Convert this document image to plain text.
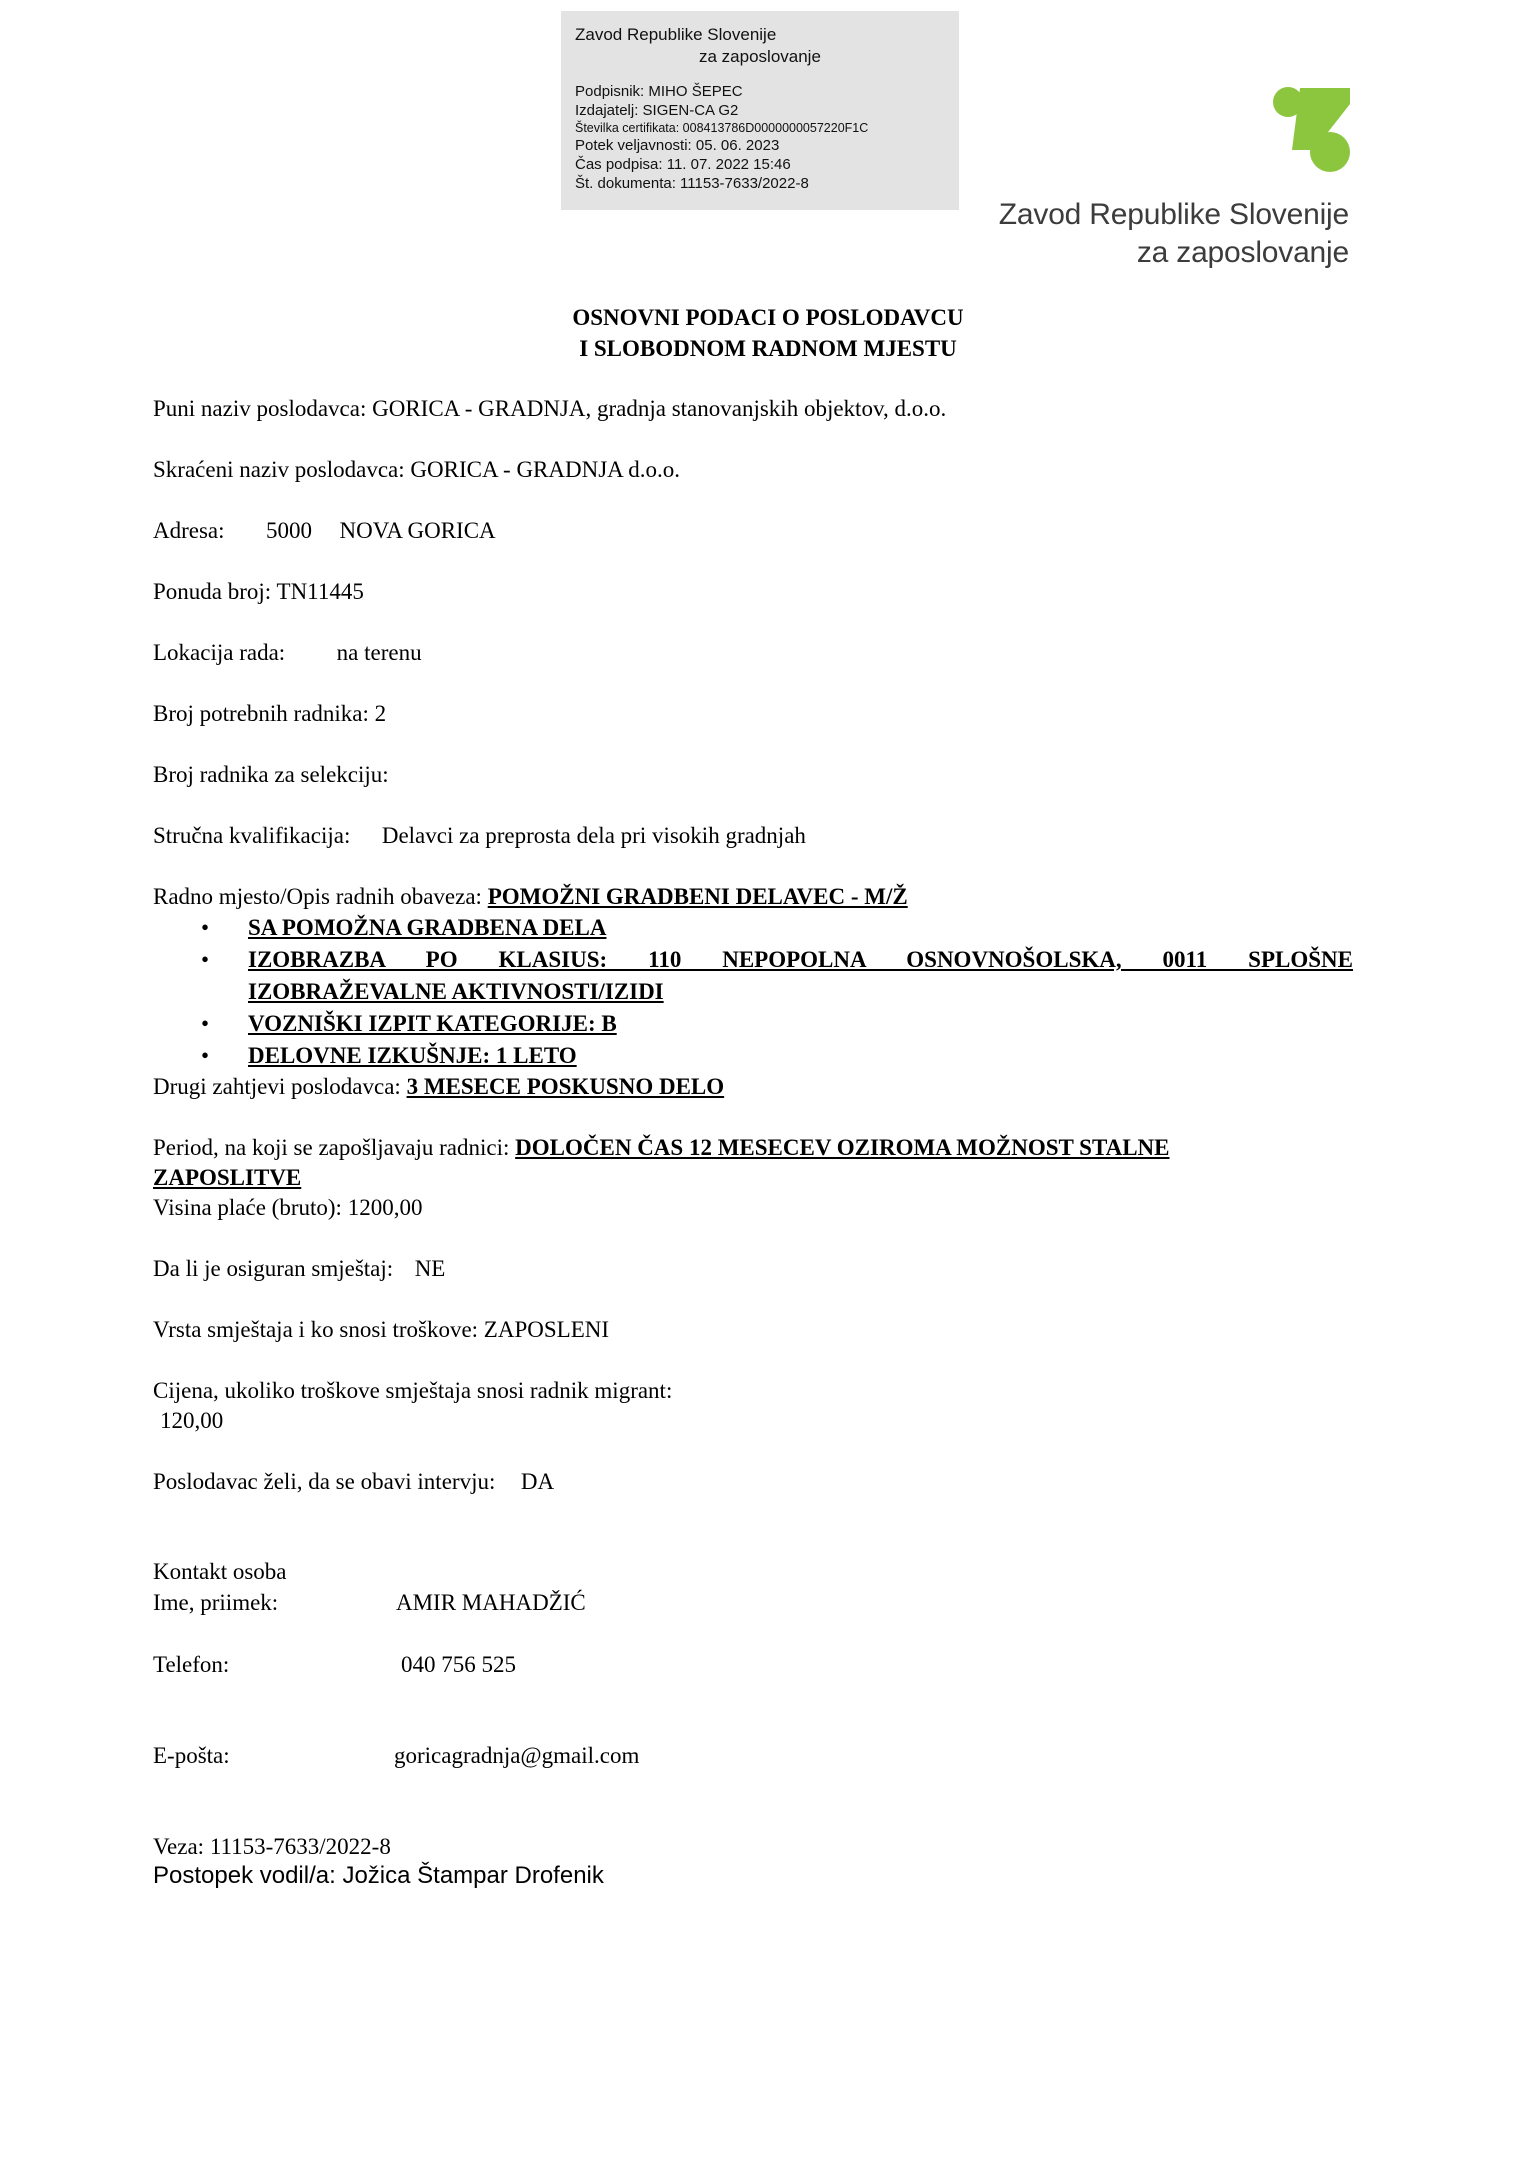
Zavod Republike Slovenije
za zaposlovanje
Podpisnik: MIHO ŠEPEC
Izdajatelj: SIGEN-CA G2
Številka certifikata: 008413786D0000000057220F1C
Potek veljavnosti: 05. 06. 2023
Čas podpisa: 11. 07. 2022 15:46
Št. dokumenta: 11153-7633/2022-8
Zavod Republike Slovenije
za zaposlovanje
OSNOVNI PODACI O POSLODAVCU
I SLOBODNOM RADNOM MJESTU
Puni naziv poslodavca: GORICA - GRADNJA, gradnja stanovanjskih objektov, d.o.o.
Skraćeni naziv poslodavca: GORICA - GRADNJA d.o.o.
Adresa: 5000 NOVA GORICA
Ponuda broj: TN11445
Lokacija rada: na terenu
Broj potrebnih radnika: 2
Broj radnika za selekciju:
Stručna kvalifikacija: Delavci za preprosta dela pri visokih gradnjah
Radno mjesto/Opis radnih obaveza: POMOŽNI GRADBENI DELAVEC - M/Ž
• SA POMOŽNA GRADBENA DELA
• IZOBRAZBA PO KLASIUS: 110 NEPOPOLNA OSNOVNOŠOLSKA, 0011 SPLOŠNE
IZOBRAŽEVALNE AKTIVNOSTI/IZIDI
• VOZNIŠKI IZPIT KATEGORIJE: B
• DELOVNE IZKUŠNJE: 1 LETO
Drugi zahtjevi poslodavca: 3 MESECE POSKUSNO DELO
Period, na koji se zapošljavaju radnici: DOLOČEN ČAS 12 MESECEV OZIROMA MOŽNOST STALNE
ZAPOSLITVE
Visina plaće (bruto): 1200,00
Da li je osiguran smještaj: NE
Vrsta smještaja i ko snosi troškove: ZAPOSLENI
Cijena, ukoliko troškove smještaja snosi radnik migrant:
120,00
Poslodavac želi, da se obavi intervju: DA
Kontakt osoba
Ime, priimek:	AMIR MAHADŽIĆ
Telefon:	040 756 525
E-pošta:	goricagradnja@gmail.com
Veza: 11153-7633/2022-8
Postopek vodil/a: Jožica Štampar Drofenik
